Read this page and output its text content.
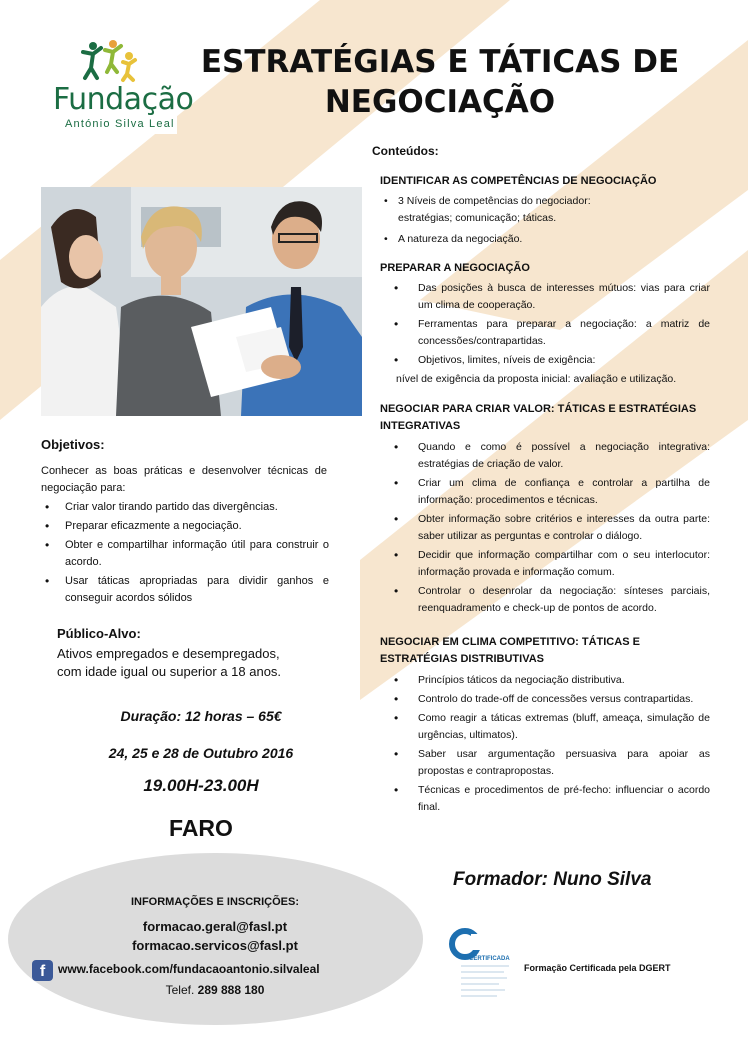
Fundação
António Silva Leal
ESTRATÉGIAS E TÁTICAS DE
NEGOCIAÇÃO
Objetivos:
Conhecer as boas práticas e desenvolver técnicas de negociação para:
• Criar valor tirando partido das divergências.
• Preparar eficazmente a negociação.
• Obter e compartilhar informação útil para construir o acordo.
• Usar táticas apropriadas para dividir ganhos e conseguir acordos sólidos
Público-Alvo:
Ativos empregados e desempregados,
com idade igual ou superior a 18 anos.
Duração: 12 horas – 65€
24, 25 e 28 de Outubro 2016
19.00H-23.00H
FARO
Conteúdos:
IDENTIFICAR AS COMPETÊNCIAS DE NEGOCIAÇÃO
• 3 Níveis de competências do negociador:
estratégias; comunicação; táticas.
• A natureza da negociação.
PREPARAR A NEGOCIAÇÃO
• Das posições à busca de interesses mútuos: vias para criar um clima de cooperação.
• Ferramentas para preparar a negociação: a matriz de concessões/contrapartidas.
• Objetivos, limites, níveis de exigência:
nível de exigência da proposta inicial: avaliação e utilização.
NEGOCIAR PARA CRIAR VALOR: TÁTICAS E ESTRATÉGIAS INTEGRATIVAS
• Quando e como é possível a negociação integrativa: estratégias de criação de valor.
• Criar um clima de confiança e controlar a partilha de informação: procedimentos e técnicas.
• Obter informação sobre critérios e interesses da outra parte: saber utilizar as perguntas e controlar o diálogo.
• Decidir que informação compartilhar com o seu interlocutor: informação provada e informação comum.
• Controlar o desenrolar da negociação: sínteses parciais, reenquadramento e check-up de pontos de acordo.
NEGOCIAR EM CLIMA COMPETITIVO: TÁTICAS E ESTRATÉGIAS DISTRIBUTIVAS
• Princípios táticos da negociação distributiva.
• Controlo do trade-off de concessões versus contrapartidas.
• Como reagir a táticas extremas (bluff, ameaça, simulação de urgências, ultimatos).
• Saber usar argumentação persuasiva para apoiar as propostas e contrapropostas.
• Técnicas e procedimentos de pré-fecho: influenciar o acordo final.
Formador: Nuno Silva
INFORMAÇÕES E INSCRIÇÕES:
formacao.geral@fasl.pt
formacao.servicos@fasl.pt
f	www.facebook.com/fundacaoantonio.silvaleal
Telef. 289 888 180
CERTIFICADA
Formação Certificada pela DGERT
